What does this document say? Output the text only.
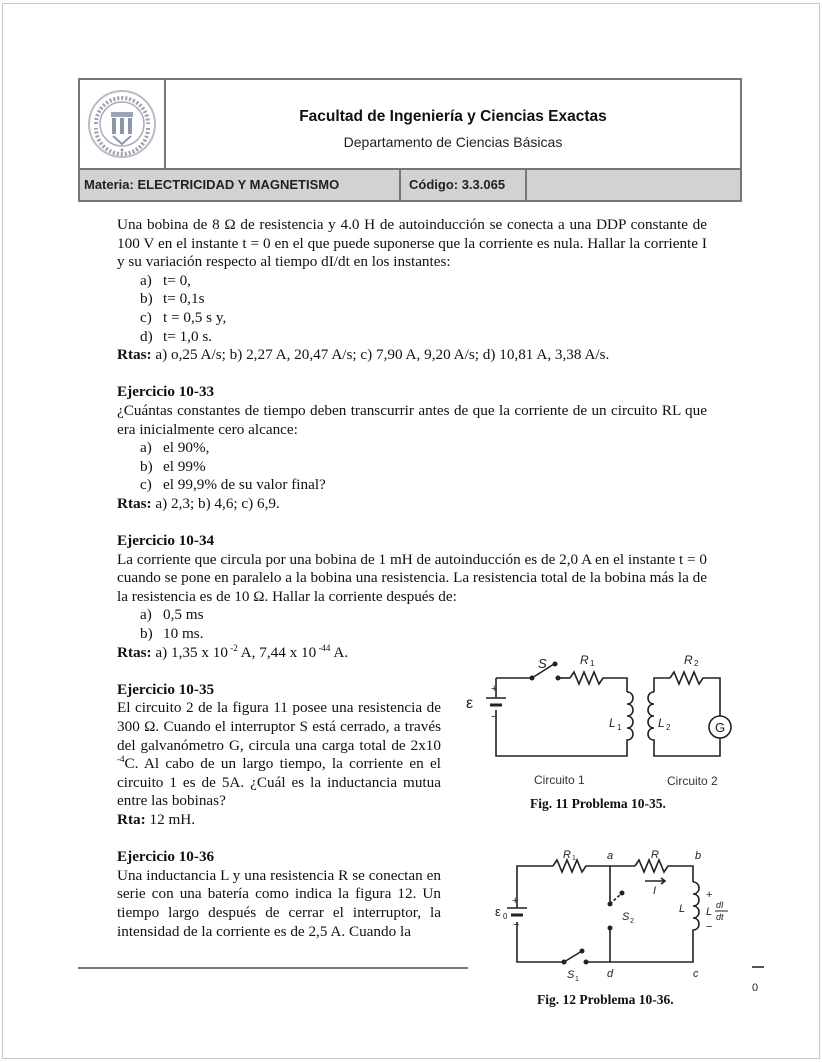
Facultad de Ingeniería y Ciencias Exactas
Departamento de Ciencias Básicas
Materia: ELECTRICIDAD Y MAGNETISMO	Código: 3.3.065

Una bobina de 8 Ω de resistencia y 4.0 H de autoinducción se conecta a una DDP constante de 100 V en el instante t = 0 en el que puede suponerse que la corriente es nula. Hallar la corriente I y su variación respecto al tiempo dI/dt en los instantes:

a) t= 0,
b) t= 0,1s
c) t = 0,5 s y,
d) t= 1,0 s.

Rtas: a) o,25 A/s; b) 2,27 A, 20,47 A/s; c) 7,90 A, 9,20 A/s; d) 10,81 A, 3,38 A/s.

Ejercicio 10-33

¿Cuántas constantes de tiempo deben transcurrir antes de que la corriente de un circuito RL que era inicialmente cero alcance:

a) el 90%,
b) el 99%
c) el 99,9% de su valor final?

Rtas: a) 2,3; b) 4,6; c) 6,9.

Ejercicio 10-34

La corriente que circula por una bobina de 1 mH de autoinducción es de 2,0 A en el instante t = 0 cuando se pone en paralelo a la bobina una resistencia. La resistencia total de la bobina más la de la resistencia es de 10 Ω. Hallar la corriente después de:

a) 0,5 ms
b) 10 ms.

Rtas: a) 1,35 x 10 $^{-2}$ A, 7,44 x 10 $^{-44}$ A.

Ejercicio 10-35

El circuito 2 de la figura 11 posee una resistencia de 300 Ω. Cuando el interruptor S está cerrado, a través del galvanómetro G, circula una carga total de 2x10 $^{-4}$C. Al cabo de un largo tiempo, la corriente en el circuito 1 es de 5A. ¿Cuál es la inductancia mutua entre las bobinas?

Rta: 12 mH.

Ejercicio 10-36

Una inductancia L y una resistencia R se conectan en serie con una batería como indica la figura 12. Un tiempo largo después de cerrar el interruptor, la intensidad de la corriente es de 2,5 A. Cuando la

ε
+
−
S	R 1	R 2
L 1	L 2	G
Circuito 1	Circuito 2
Fig. 11 Problema 10-35.
ε 0
+
−
R 1	R
a	b
c
d
I
L
S 1
S 2
+
L
dI
dt
−
Fig. 12 Problema 10-36.
0
